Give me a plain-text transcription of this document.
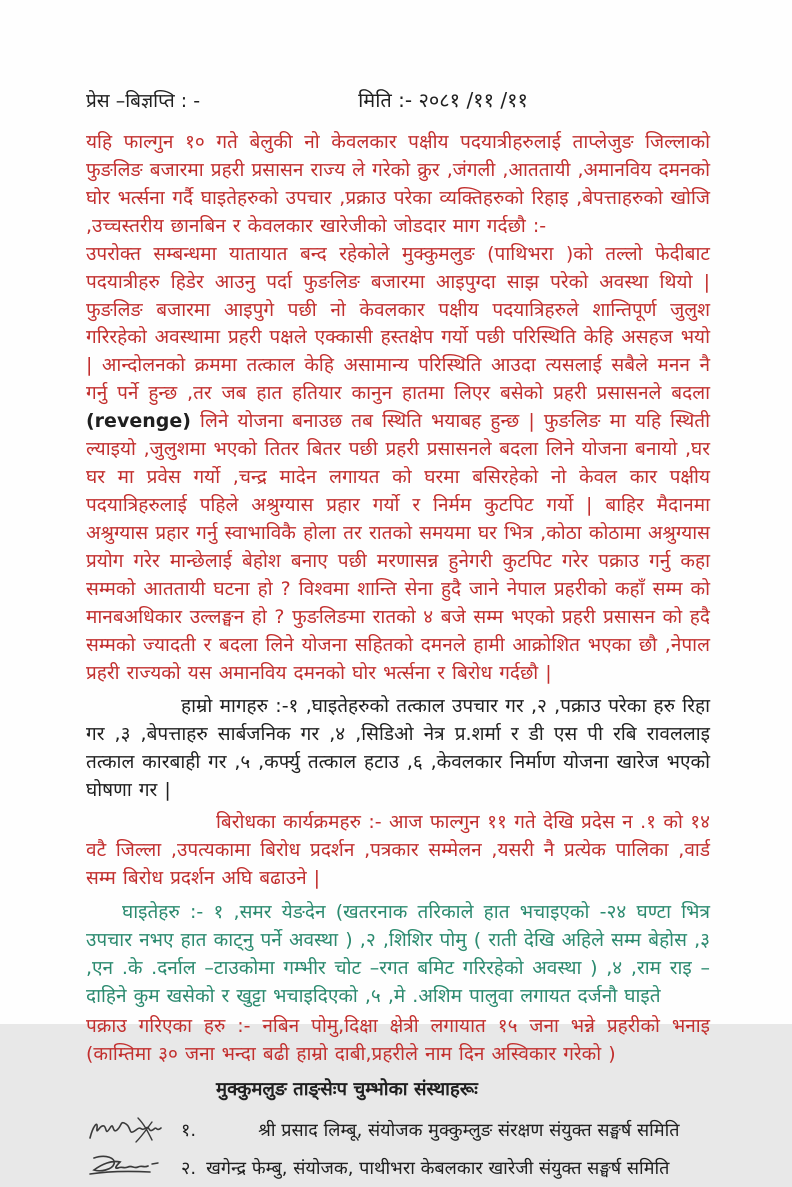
प्रेस –बिज्ञप्ति : -	मिति :- २०८१ /११ /११

यहि फाल्गुन १० गते बेलुकी नो केवलकार पक्षीय पदयात्रीहरुलाई ताप्लेजुङ जिल्लाको फुङलिङ बजारमा प्रहरी प्रसासन राज्य ले गरेको क्रुर ,जंगली ,आततायी ,अमानविय दमनको घोर भर्त्सना गर्दै घाइतेहरुको उपचार ,प्रक्राउ परेका व्यक्तिहरुको रिहाइ ,बेपत्ताहरुको खोजि ,उच्चस्तरीय छानबिन र केवलकार खारेजीको जोडदार माग गर्दछौ :-

उपरोक्त सम्बन्धमा यातायात बन्द रहेकोले मुक्कुमलुङ (पाथिभरा )को तल्लो फेदीबाट पदयात्रीहरु हिडेर आउनु पर्दा फुङलिङ बजारमा आइपुग्दा साझ परेको अवस्था थियो | फुङलिङ बजारमा आइपुगे पछी नो केवलकार पक्षीय पदयात्रिहरुले शान्तिपूर्ण जुलुश गरिरहेको अवस्थामा प्रहरी पक्षले एक्कासी हस्तक्षेप गर्यो पछी परिस्थिति केहि असहज भयो | आन्दोलनको क्रममा तत्काल केहि असामान्य परिस्थिति आउदा त्यसलाई सबैले मनन नै गर्नु पर्ने हुन्छ ,तर जब हात हतियार कानुन हातमा लिएर बसेको प्रहरी प्रसासनले बदला (revenge) लिने योजना बनाउछ तब स्थिति भयाबह हुन्छ | फुङलिङ मा यहि स्थिती ल्याइयो ,जुलुशमा भएको तितर बितर पछी प्रहरी प्रसासनले बदला लिने योजना बनायो ,घर घर मा प्रवेस गर्यो ,चन्द्र मादेन लगायत को घरमा बसिरहेको नो केवल कार पक्षीय पदयात्रिहरुलाई पहिले अश्रुग्यास प्रहार गर्यो र निर्मम कुटपिट गर्यो | बाहिर मैदानमा अश्रुग्यास प्रहार गर्नु स्वाभाविकै होला तर रातको समयमा घर भित्र ,कोठा कोठामा अश्रुग्यास प्रयोग गरेर मान्छेलाई बेहोश बनाए पछी मरणासन्न हुनेगरी कुटपिट गरेर पक्राउ गर्नु कहा सम्मको आततायी घटना हो ? विश्वमा शान्ति सेना हुदै जाने नेपाल प्रहरीको कहाँ सम्म को मानबअधिकार उल्लङ्घन हो ? फुङलिङमा रातको ४ बजे सम्म भएको प्रहरी प्रसासन को हदै सम्मको ज्यादती र बदला लिने योजना सहितको दमनले हामी आक्रोशित भएका छौ ,नेपाल प्रहरी राज्यको यस अमानविय दमनको घोर भर्त्सना र बिरोध गर्दछौ |

हाम्रो मागहरु :-१ ,घाइतेहरुको तत्काल उपचार गर ,२ ,पक्राउ परेका हरु रिहा गर ,३ ,बेपत्ताहरु सार्बजनिक गर ,४ ,सिडिओ नेत्र प्र.शर्मा र डी एस पी रबि रावललाइ तत्काल कारबाही गर ,५ ,कर्फ्यु तत्काल हटाउ ,६ ,केवलकार निर्माण योजना खारेज भएको घोषणा गर |

बिरोधका कार्यक्रमहरु :- आज फाल्गुन ११ गते देखि प्रदेस न .१ को १४ वटै जिल्ला ,उपत्यकामा बिरोध प्रदर्शन ,पत्रकार सम्मेलन ,यसरी नै प्रत्येक पालिका ,वार्ड सम्म बिरोध प्रदर्शन अघि बढाउने |

घाइतेहरु :- १ ,समर येङदेन (खतरनाक तरिकाले हात भचाइएको -२४ घण्टा भित्र उपचार नभए हात काट्नु पर्ने अवस्था ) ,२ ,शिशिर पोमु ( राती देखि अहिले सम्म बेहोस ,३ ,एन .के .दर्नाल –टाउकोमा गम्भीर चोट –रगत बमिट गरिरहेको अवस्था ) ,४ ,राम राइ – दाहिने कुम खसेको र खुट्टा भचाइदिएको ,५ ,मे .अशिम पालुवा लगायत दर्जनौ घाइते

पक्राउ गरिएका हरु :- नबिन पोमु,दिक्षा क्षेत्री लगायात १५ जना भन्ने प्रहरीको भनाइ (काम्तिमा ३० जना भन्दा बढी हाम्रो दाबी,प्रहरीले नाम दिन अस्विकार गरेको )

मुक्कुमलुङ ताङ्सेःप चुम्भोका संस्थाहरूः
१.	श्री प्रसाद लिम्बू, संयोजक मुक्कुम्लुङ संरक्षण संयुक्त सङ्घर्ष समिति
२. खगेन्द्र फेम्बु, संयोजक, पाथीभरा केबलकार खारेजी संयुक्त सङ्घर्ष समिति
